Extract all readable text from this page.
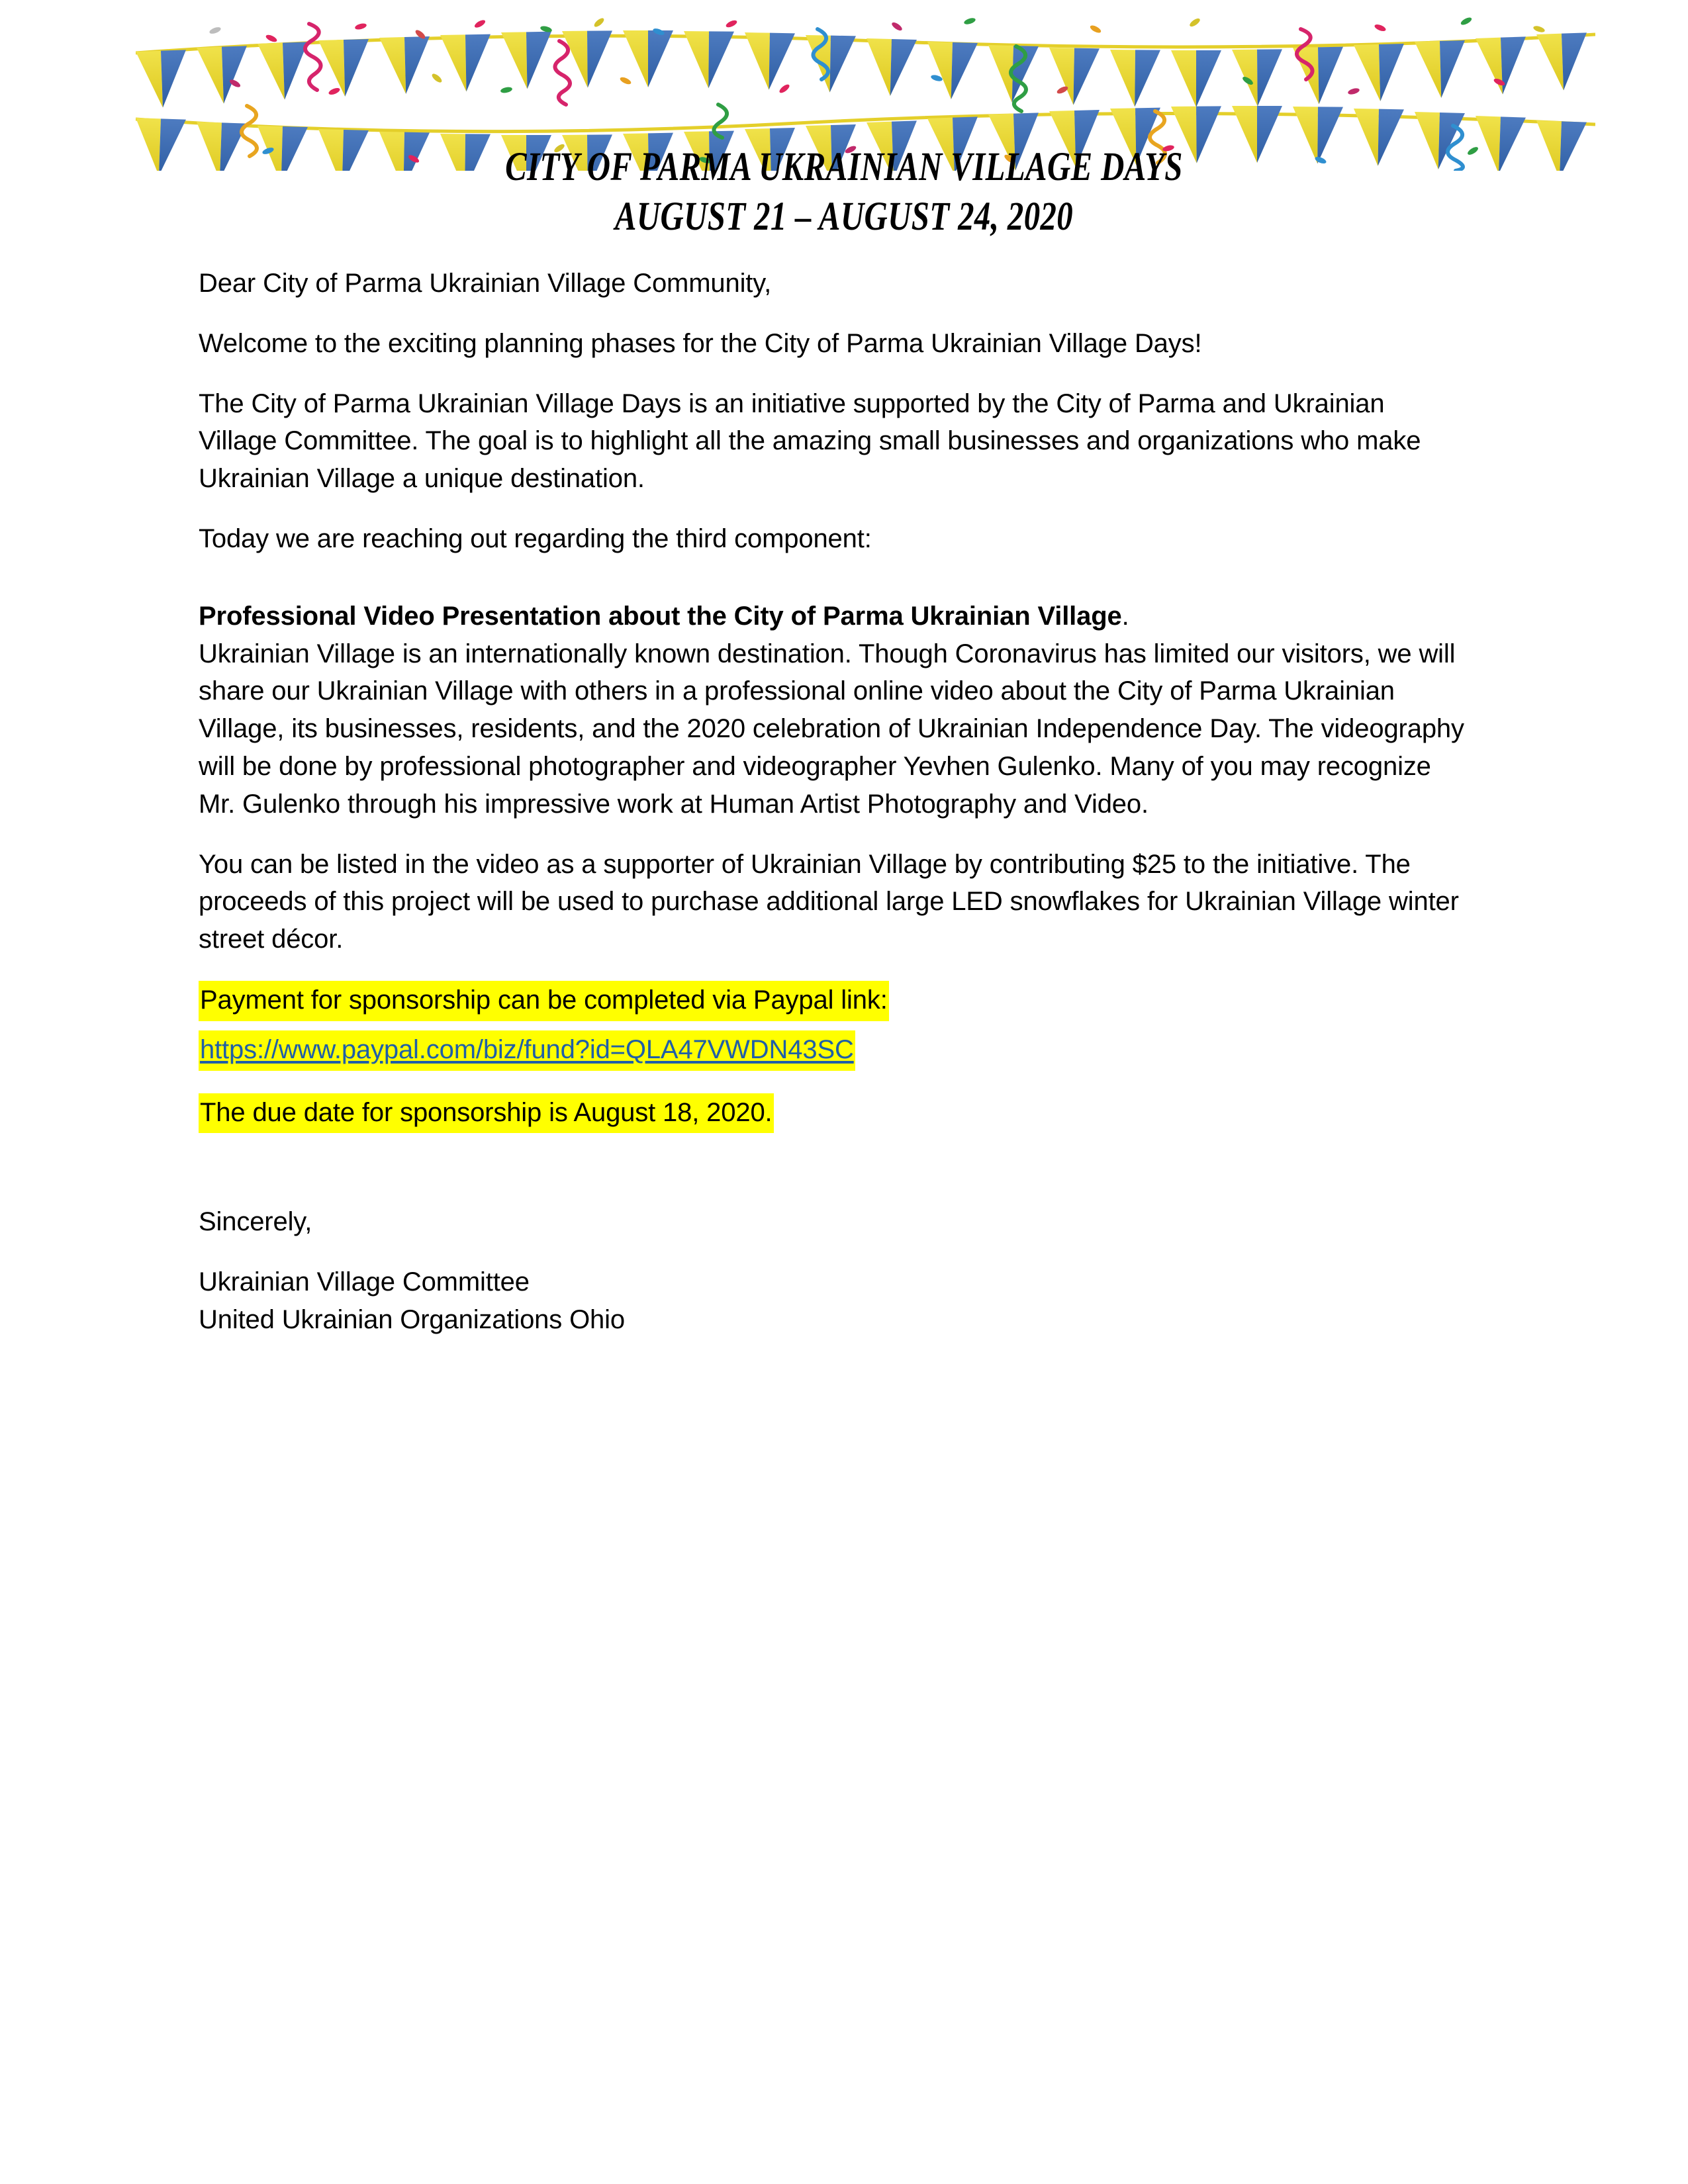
CITY OF PARMA UKRAINIAN VILLAGE DAYS
AUGUST 21 – AUGUST 24, 2020

Dear City of Parma Ukrainian Village Community,

Welcome to the exciting planning phases for the City of Parma Ukrainian Village Days!

The City of Parma Ukrainian Village Days is an initiative supported by the City of Parma and Ukrainian Village Committee. The goal is to highlight all the amazing small businesses and organizations who make Ukrainian Village a unique destination.

Today we are reaching out regarding the third component:

Professional Video Presentation about the City of Parma Ukrainian Village.

Ukrainian Village is an internationally known destination. Though Coronavirus has limited our visitors, we will share our Ukrainian Village with others in a professional online video about the City of Parma Ukrainian Village, its businesses, residents, and the 2020 celebration of Ukrainian Independence Day. The videography will be done by professional photographer and videographer Yevhen Gulenko. Many of you may recognize Mr. Gulenko through his impressive work at Human Artist Photography and Video.

You can be listed in the video as a supporter of Ukrainian Village by contributing $25 to the initiative. The proceeds of this project will be used to purchase additional large LED snowflakes for Ukrainian Village winter street décor.

Payment for sponsorship can be completed via Paypal link:

https://www.paypal.com/biz/fund?id=QLA47VWDN43SC

The due date for sponsorship is August 18, 2020.

Sincerely,

Ukrainian Village Committee

United Ukrainian Organizations Ohio
